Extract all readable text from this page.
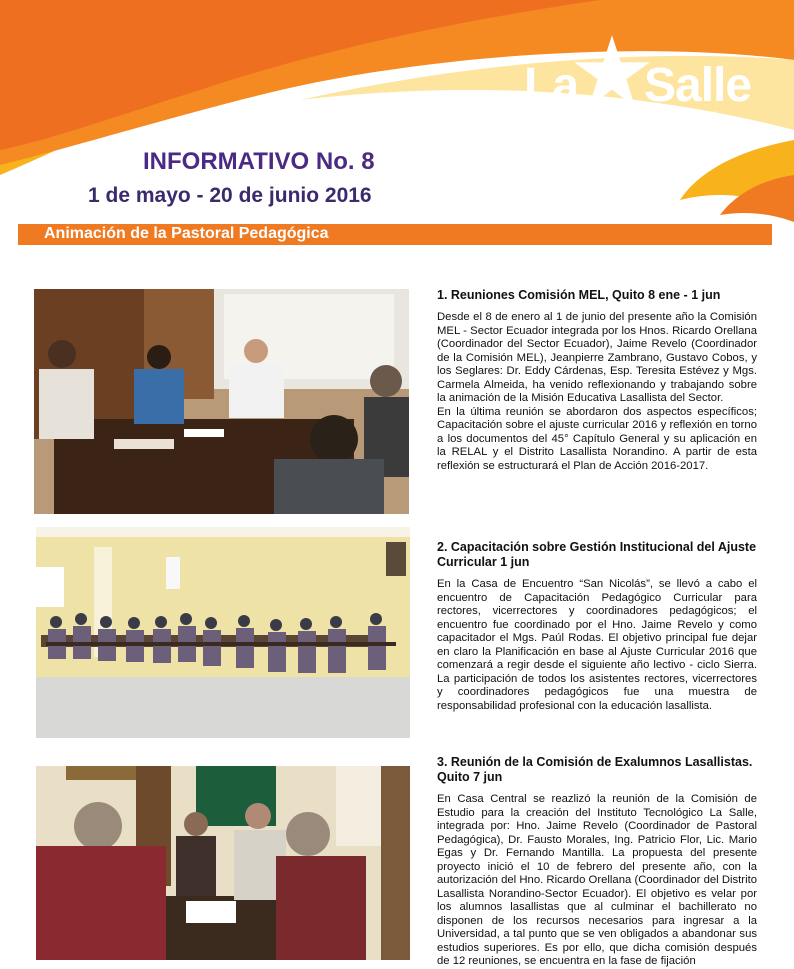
La Salle
DLN
Sector Ecuador
INFORMATIVO No. 8
1 de mayo - 20 de junio 2016
Animación de la Pastoral Pedagógica
1. Reuniones Comisión MEL, Quito 8 ene - 1 jun

Desde el 8 de enero al 1 de junio del presente año la Comisión MEL - Sector Ecuador integrada por los Hnos. Ricardo Orellana (Coordinador del Sector Ecuador), Jaime Revelo (Coordinador de la Comisión MEL), Jeanpierre Zambrano, Gustavo Cobos, y los Seglares: Dr. Eddy Cárdenas, Esp. Teresita Estévez y Mgs. Carmela Almeida, ha venido reflexionando y trabajando sobre la animación de la Misión Educativa Lasallista del Sector.

En la última reunión se abordaron dos aspectos específicos; Capacitación sobre el ajuste curricular 2016 y reflexión en torno a los documentos del 45° Capítulo General y su aplicación en la RELAL y el Distrito Lasallista Norandino. A partir de esta reflexión se estructurará el Plan de Acción 2016-2017.

2. Capacitación sobre Gestión Institucional del Ajuste Curricular 1 jun

En la Casa de Encuentro “San Nicolás”, se llevó a cabo el encuentro de Capacitación Pedagógico Curricular para rectores, vicerrectores y coordinadores pedagógicos; el encuentro fue coordinado por el Hno. Jaime Revelo y como capacitador el Mgs. Paúl Rodas. El objetivo principal fue dejar en claro la Planificación en base al Ajuste Curricular 2016 que comenzará a regir desde el siguiente año lectivo - ciclo Sierra. La participación de todos los asistentes rectores, vicerrectores y coordinadores pedagógicos fue una muestra de responsabilidad profesional con la educación lasallista.

3. Reunión de la Comisión de Exalumnos Lasallistas. Quito 7 jun

En Casa Central se reazlizó la reunión de la Comisión de Estudio para la creación del Instituto Tecnológico La Salle, integrada por: Hno. Jaime Revelo (Coordinador de Pastoral Pedagógica), Dr. Fausto Morales, Ing. Patricio Flor, Lic. Mario Egas y Dr. Fernando Mantilla. La propuesta del presente proyecto inició el 10 de febrero del presente año, con la autorización del Hno. Ricardo Orellana (Coordinador del Distrito Lasallista Norandino-Sector Ecuador). El objetivo es velar por los alumnos lasallistas que al culminar el bachillerato no disponen de los recursos necesarios para ingresar a la Universidad, a tal punto que se ven obligados a abandonar sus estudios superiores. Es por ello, que dicha comisión después de 12 reuniones, se encuentra en la fase de fijación
